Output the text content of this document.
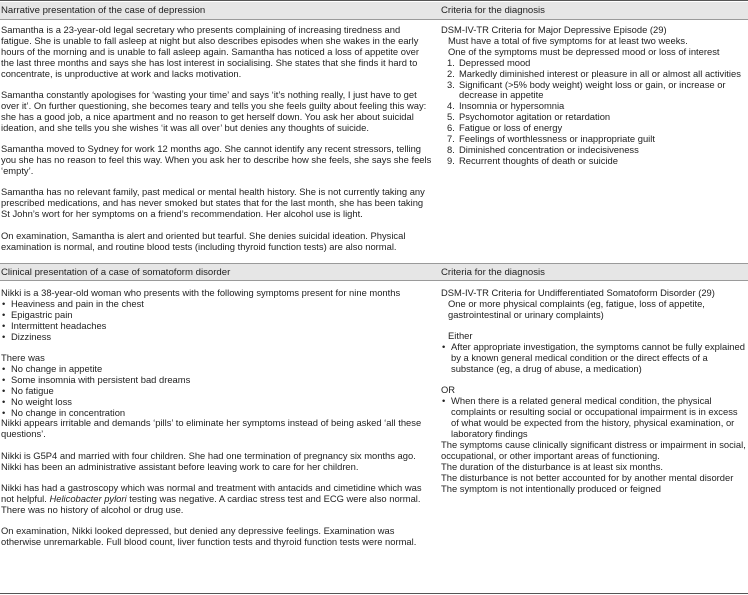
Narrative presentation of the case of depression	Criteria for the diagnosis

Samantha is a 23-year-old legal secretary who presents complaining of increasing tiredness and fatigue. She is unable to fall asleep at night but also describes episodes when she wakes in the early hours of the morning and is unable to fall asleep again. Samantha has noticed a loss of appetite over the last three months and says she has lost interest in socialising. She states that she finds it hard to concentrate, is unproductive at work and lacks motivation.

Samantha constantly apologises for ‘wasting your time’ and says ‘it’s nothing really, I just have to get over it’. On further questioning, she becomes teary and tells you she feels guilty about feeling this way: she has a good job, a nice apartment and no reason to get herself down. You ask her about suicidal ideation, and she tells you she wishes ‘it was all over’ but denies any thoughts of suicide.

Samantha moved to Sydney for work 12 months ago. She cannot identify any recent stressors, telling you she has no reason to feel this way. When you ask her to describe how she feels, she says she feels ‘empty’.

Samantha has no relevant family, past medical or mental health history. She is not currently taking any prescribed medications, and has never smoked but states that for the last month, she has been taking St John’s wort for her symptoms on a friend’s recommendation. Her alcohol use is light.

On examination, Samantha is alert and oriented but tearful. She denies suicidal ideation. Physical examination is normal, and routine blood tests (including thyroid function tests) are also normal.

DSM-IV-TR Criteria for Major Depressive Episode (29)

Must have a total of five symptoms for at least two weeks.

One of the symptoms must be depressed mood or loss of interest

1. Depressed mood
2. Markedly diminished interest or pleasure in all or almost all activities
3. Significant (>5% body weight) weight loss or gain, or increase or decrease in appetite
4. Insomnia or hypersomnia
5. Psychomotor agitation or retardation
6. Fatigue or loss of energy
7. Feelings of worthlessness or inappropriate guilt
8. Diminished concentration or indecisiveness
9. Recurrent thoughts of death or suicide
Clinical presentation of a case of somatoform disorder	Criteria for the diagnosis

Nikki is a 38-year-old woman who presents with the following symptoms present for nine months

• Heaviness and pain in the chest
• Epigastric pain
• Intermittent headaches
• Dizziness

There was

• No change in appetite
• Some insomnia with persistent bad dreams
• No fatigue
• No weight loss
• No change in concentration

Nikki appears irritable and demands ‘pills’ to eliminate her symptoms instead of being asked ‘all these questions’.

Nikki is G5P4 and married with four children. She had one termination of pregnancy six months ago. Nikki has been an administrative assistant before leaving work to care for her children.

Nikki has had a gastroscopy which was normal and treatment with antacids and cimetidine which was not helpful. Helicobacter pylori testing was negative. A cardiac stress test and ECG were also normal. There was no history of alcohol or drug use.

On examination, Nikki looked depressed, but denied any depressive feelings. Examination was otherwise unremarkable. Full blood count, liver function tests and thyroid function tests were normal.

DSM-IV-TR Criteria for Undifferentiated Somatoform Disorder (29)

One or more physical complaints (eg, fatigue, loss of appetite, gastrointestinal or urinary complaints)

Either

• After appropriate investigation, the symptoms cannot be fully explained by a known general medical condition or the direct effects of a substance (eg, a drug of abuse, a medication)

OR

• When there is a related general medical condition, the physical complaints or resulting social or occupational impairment is in excess of what would be expected from the history, physical examination, or laboratory findings

The symptoms cause clinically significant distress or impairment in social, occupational, or other important areas of functioning.

The duration of the disturbance is at least six months.

The disturbance is not better accounted for by another mental disorder

The symptom is not intentionally produced or feigned
